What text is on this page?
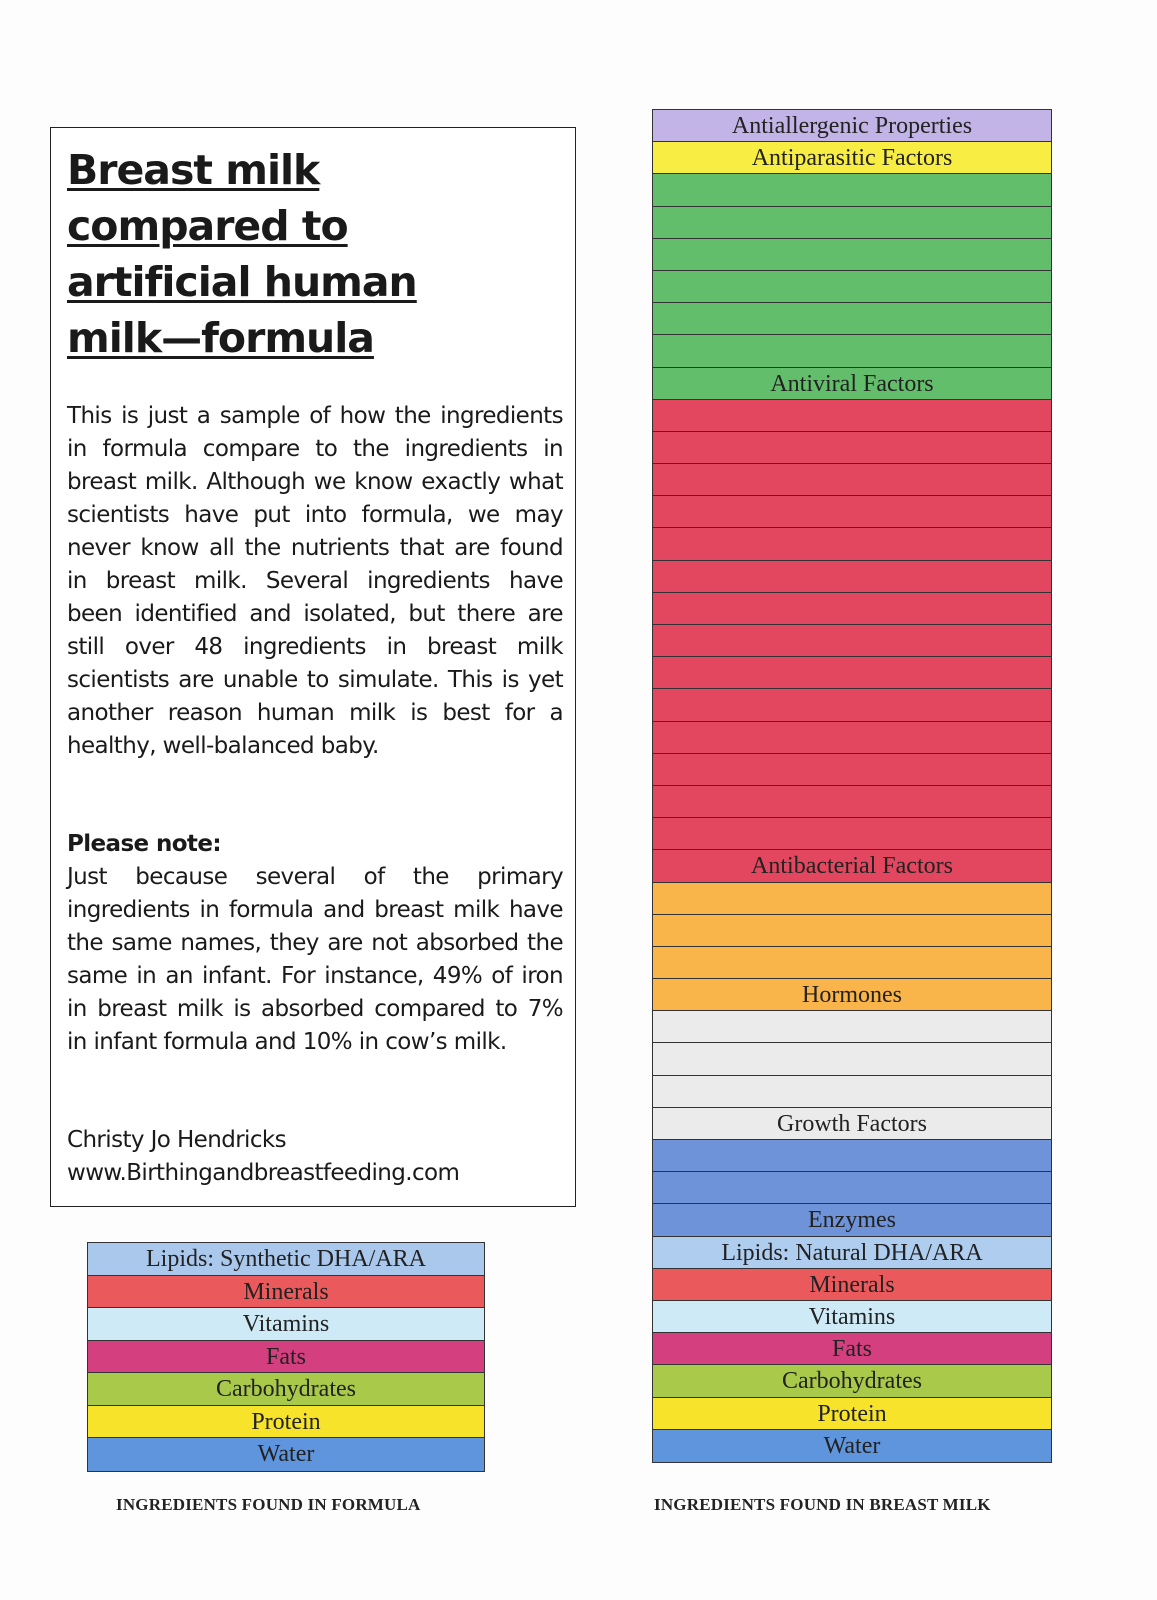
Breast milk compared to artificial human milk—formula
This is just a sample of how the ingredients in formula compare to the ingredients in breast milk. Although we know exactly what scientists have put into formula, we may never know all the nutrients that are found in breast milk. Several ingredients have been identified and isolated, but there are still over 48 ingredients in breast milk scientists are unable to simulate. This is yet another reason human milk is best for a healthy, well-balanced baby.
Please note:
Just because several of the primary ingredients in formula and breast milk have the same names, they are not absorbed the same in an infant. For instance, 49% of iron in breast milk is absorbed compared to 7% in infant formula and 10% in cow’s milk.
Christy Jo Hendricks
www.Birthingandbreastfeeding.com
Lipids: Synthetic DHA/ARA
Minerals
Vitamins
Fats
Carbohydrates
Protein
Water
INGREDIENTS FOUND IN FORMULA
Antiallergenic Properties
Antiparasitic Factors
Antiviral Factors
Antibacterial Factors
Hormones
Growth Factors
Enzymes
Lipids: Natural DHA/ARA
Minerals
Vitamins
Fats
Carbohydrates
Protein
Water
INGREDIENTS FOUND IN BREAST MILK
